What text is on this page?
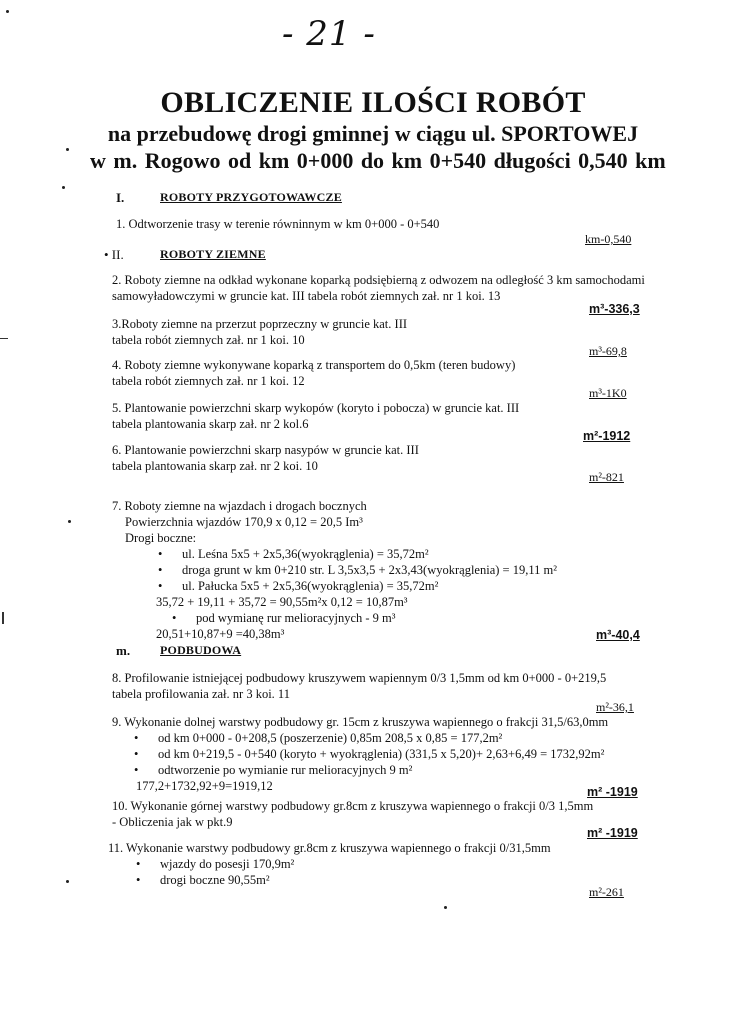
- 21 -
OBLICZENIE ILOŚCI ROBÓT
na przebudowę drogi gminnej w ciągu ul. SPORTOWEJ
w m. Rogowo od km 0+000 do km 0+540 długości 0,540 km
I.	ROBOTY PRZYGOTOWAWCZE
1. Odtworzenie trasy w terenie równinnym w km 0+000 - 0+540
km-0,540
• II.	ROBOTY ZIEMNE
2. Roboty ziemne na odkład wykonane koparką podsiębierną z odwozem na odległość 3 km samochodami
samowyładowczymi w gruncie kat. III tabela robót ziemnych zał. nr 1 koi. 13
m³-336,3
3.Roboty ziemne na przerzut poprzeczny w gruncie kat. III
tabela robót ziemnych zał. nr 1 koi. 10
m³-69,8
4. Roboty ziemne wykonywane koparką z transportem do 0,5km (teren budowy)
tabela robót ziemnych zał. nr 1 koi. 12
m³-1K0
5. Plantowanie powierzchni skarp wykopów (koryto i pobocza) w gruncie kat. III
tabela plantowania skarp zał. nr 2 kol.6
m²-1912
6. Plantowanie powierzchni skarp nasypów w gruncie kat. III
tabela plantowania skarp zał. nr 2 koi. 10
m²-821
7. Roboty ziemne na wjazdach i drogach bocznych
Powierzchnia wjazdów 170,9 x 0,12 = 20,5 Im³
Drogi boczne:
• ul. Leśna 5x5 + 2x5,36(wyokrąglenia) = 35,72m²
• droga grunt w km 0+210 str. L 3,5x3,5 + 2x3,43(wyokrąglenia) = 19,11 m²
• ul. Pałucka 5x5 + 2x5,36(wyokrąglenia) = 35,72m²
35,72 + 19,11 + 35,72 = 90,55m²x 0,12 = 10,87m³
• pod wymianę rur melioracyjnych - 9 m³
20,51+10,87+9 =40,38m³	m³-40,4
m. PODBUDOWA
8. Profilowanie istniejącej podbudowy kruszywem wapiennym 0/3 1,5mm od km 0+000 - 0+219,5
tabela profilowania zał. nr 3 koi. 11
m²-36,1
9. Wykonanie dolnej warstwy podbudowy gr. 15cm z kruszywa wapiennego o frakcji 31,5/63,0mm
• od km 0+000 - 0+208,5 (poszerzenie) 0,85m 208,5 x 0,85 = 177,2m²
• od km 0+219,5 - 0+540 (koryto + wyokrąglenia) (331,5 x 5,20)+ 2,63+6,49 = 1732,92m²
• odtworzenie po wymianie rur melioracyjnych 9 m²
177,2+1732,92+9=1919,12	m² -1919
10. Wykonanie górnej warstwy podbudowy gr.8cm z kruszywa wapiennego o frakcji 0/3 1,5mm
- Obliczenia jak w pkt.9
m² -1919
11. Wykonanie warstwy podbudowy gr.8cm z kruszywa wapiennego o frakcji 0/31,5mm
• wjazdy do posesji 170,9m²
• drogi boczne 90,55m²
m²-261
